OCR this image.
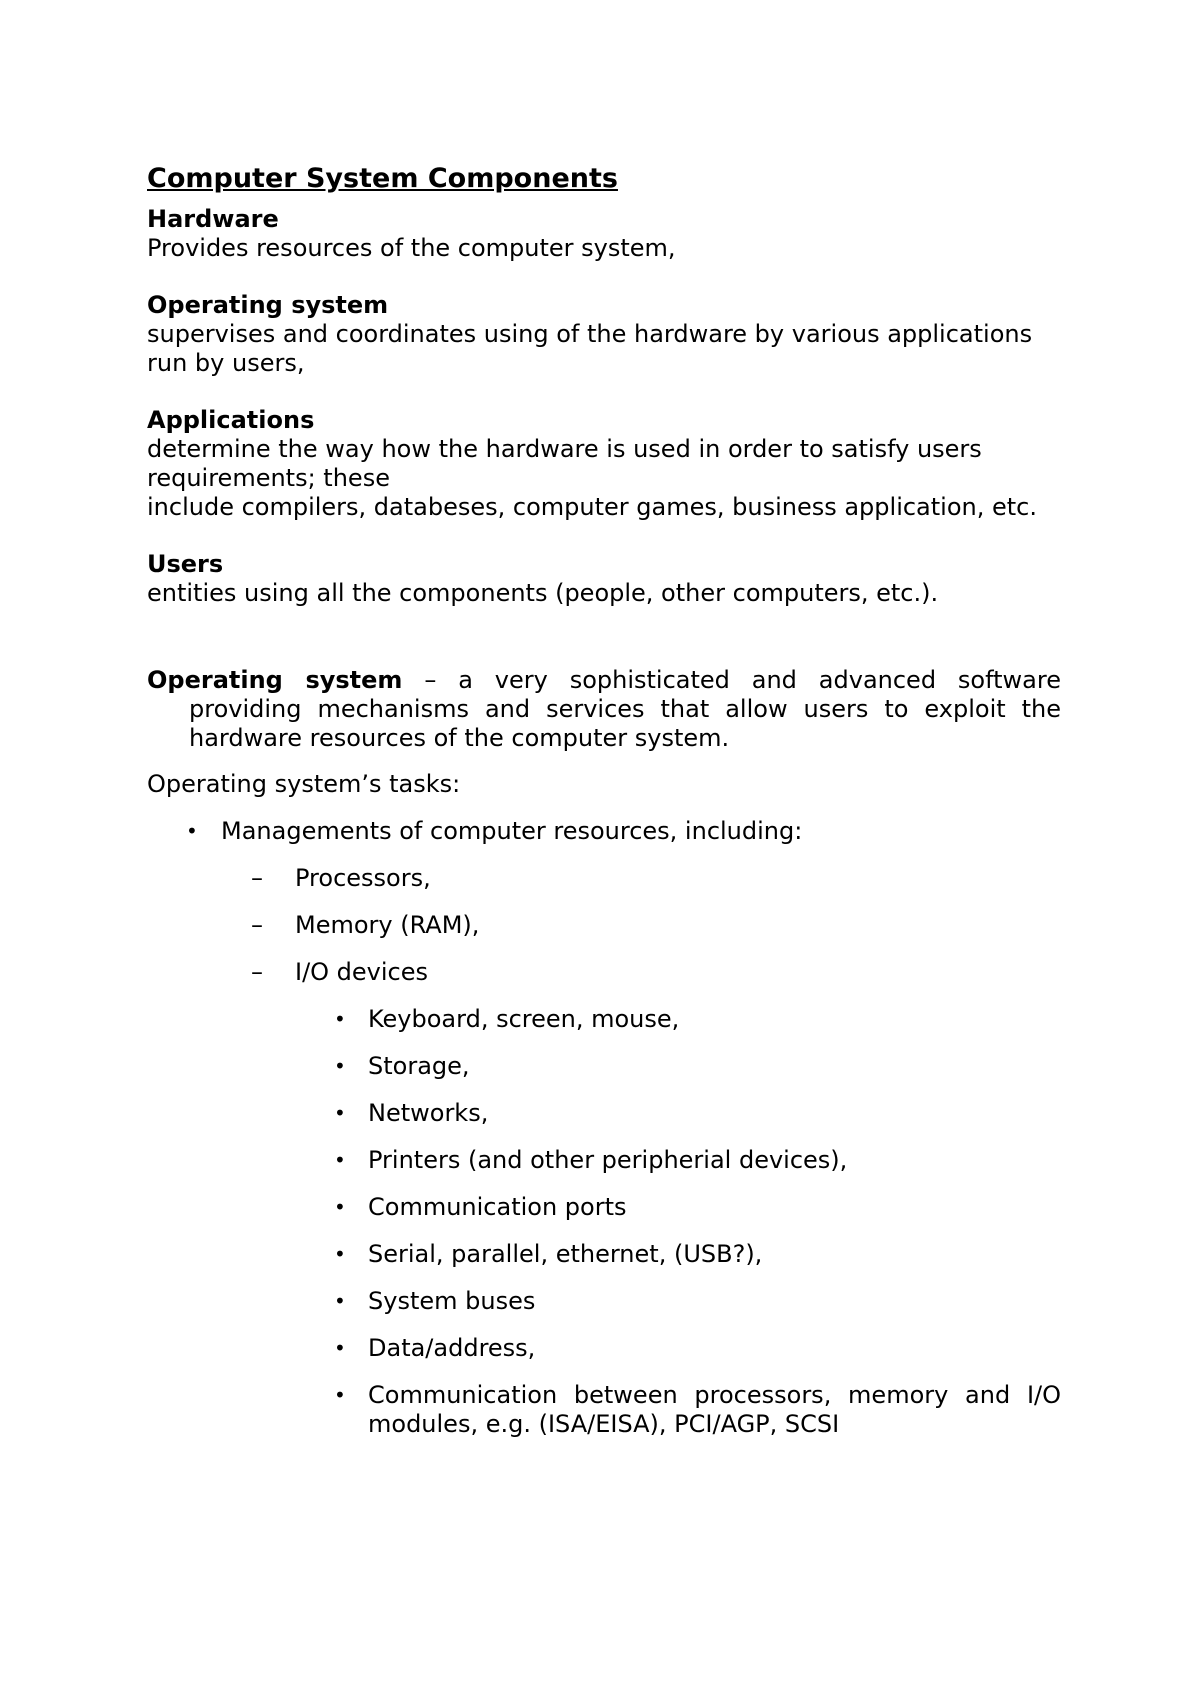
Computer System Components

Hardware

Provides resources of the computer system,

Operating system

supervises and coordinates using of the hardware by various applications run by users,

Applications

determine the way how the hardware is used in order to satisfy users requirements; these

include compilers, databeses, computer games, business application, etc.

Users

entities using all the components (people, other computers, etc.).

Operating system – a very sophisticated and advanced software providing mechanisms and services that allow users to exploit the hardware resources of the computer system.

Operating system’s tasks:

• Managements of computer resources, including:
– Processors,
– Memory (RAM),
– I/O devices
• Keyboard, screen, mouse,
• Storage,
• Networks,
• Printers (and other peripherial devices),
• Communication ports
• Serial, parallel, ethernet, (USB?),
• System buses
• Data/address,
• Communication between processors, memory and I/O modules, e.g. (ISA/EISA), PCI/AGP, SCSI
